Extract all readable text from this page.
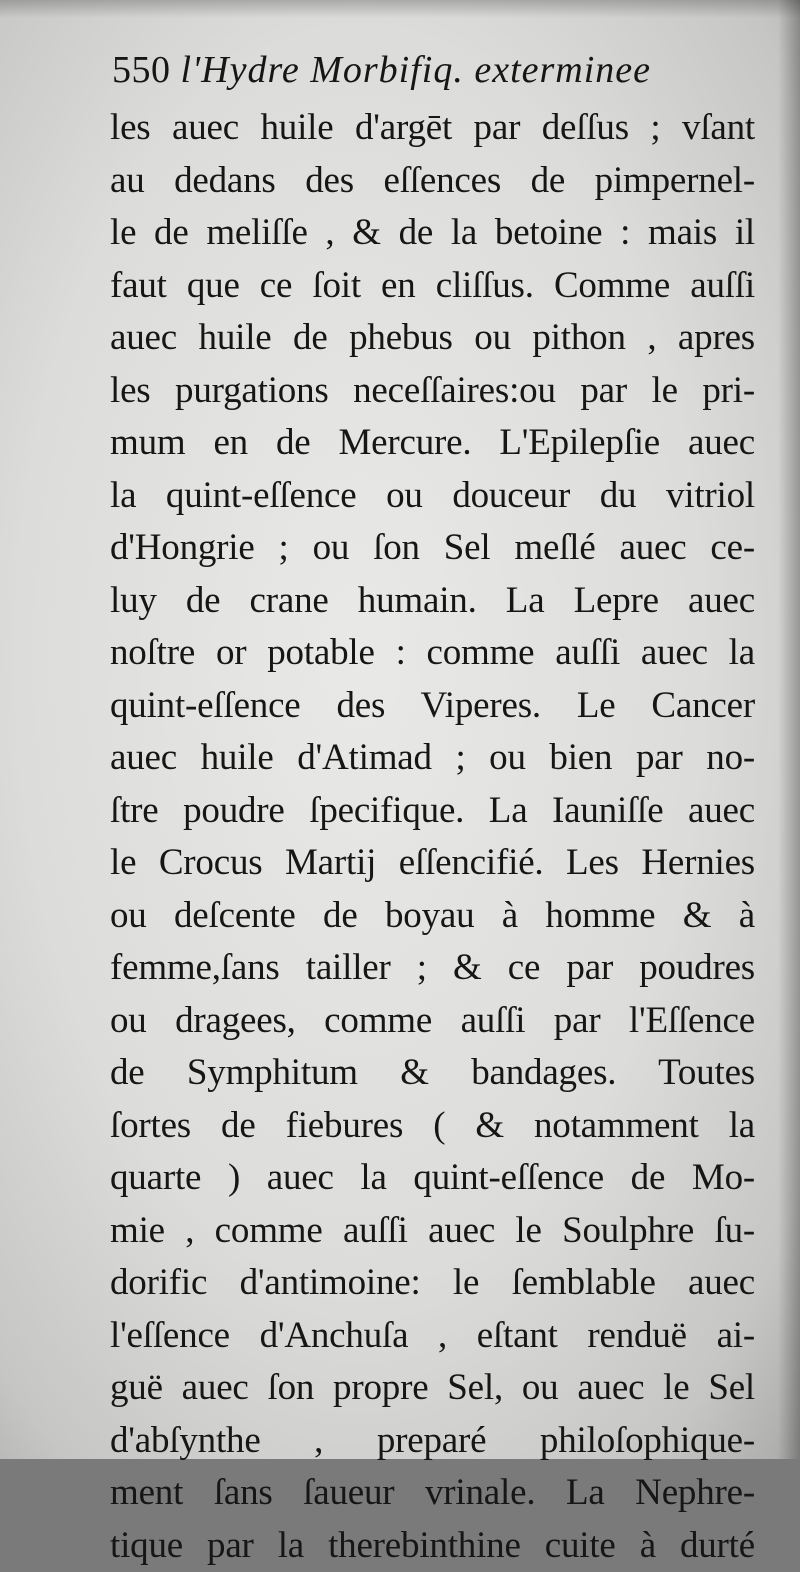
550 l'Hydre Morbifiq. exterminee
les auec huile d'argēt par deſſus ; vſant
au dedans des eſſences de pimpernel-
le de meliſſe , & de la betoine : mais il
faut que ce ſoit en cliſſus. Comme auſſi
auec huile de phebus ou pithon , apres
les purgations neceſſaires:ou par le pri-
mum en de Mercure. L'Epilepſie auec
la quint-eſſence ou douceur du vitriol
d'Hongrie ; ou ſon Sel meſlé auec ce-
luy de crane humain. La Lepre auec
noſtre or potable : comme auſſi auec la
quint-eſſence des Viperes. Le Cancer
auec huile d'Atimad ; ou bien par no-
ſtre poudre ſpecifique. La Iauniſſe auec
le Crocus Martij eſſencifié. Les Hernies
ou deſcente de boyau à homme & à
femme,ſans tailler ; & ce par poudres
ou dragees, comme auſſi par l'Eſſence
de Symphitum & bandages. Toutes
ſortes de fiebures ( & notamment la
quarte ) auec la quint-eſſence de Mo-
mie , comme auſſi auec le Soulphre ſu-
dorific d'antimoine: le ſemblable auec
l'eſſence d'Anchuſa , eſtant renduë ai-
guë auec ſon propre Sel, ou auec le Sel
d'abſynthe , preparé philoſophique-
ment ſans ſaueur vrinale. La Nephre-
tique par la therebinthine cuite à durté
